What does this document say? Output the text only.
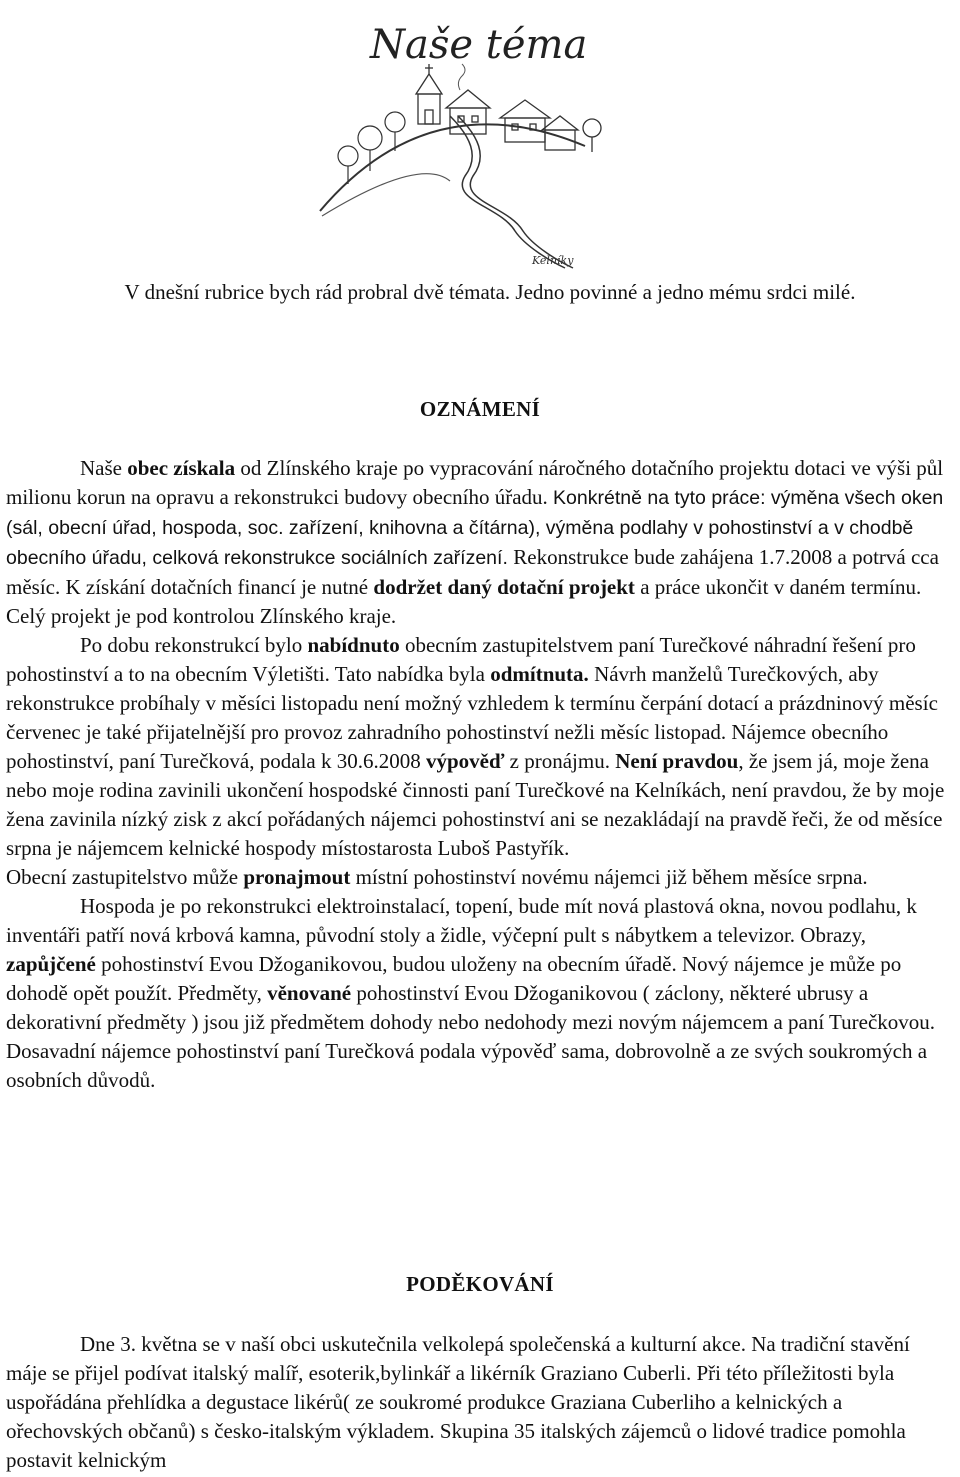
Naše téma
Kelníky
V dnešní rubrice bych rád probral dvě témata. Jedno povinné a jedno mému srdci milé.
OZNÁMENÍ

Naše obec získala od Zlínského kraje po vypracování náročného dotačního projektu dotaci ve výši půl milionu korun na opravu a rekonstrukci budovy obecního úřadu. Konkrétně na tyto práce: výměna všech oken (sál, obecní úřad, hospoda, soc. zařízení, knihovna a čítárna), výměna podlahy v pohostinství a v chodbě obecního úřadu, celková rekonstrukce sociálních zařízení. Rekonstrukce bude zahájena 1.7.2008 a potrvá cca měsíc. K získání dotačních financí je nutné dodržet daný dotační projekt a práce ukončit v daném termínu. Celý projekt je pod kontrolou Zlínského kraje.

Po dobu rekonstrukcí bylo nabídnuto obecním zastupitelstvem paní Turečkové náhradní řešení pro pohostinství a to na obecním Výletišti. Tato nabídka byla odmítnuta. Návrh manželů Turečkových, aby rekonstrukce probíhaly v měsíci listopadu není možný vzhledem k termínu čerpání dotací a prázdninový měsíc červenec je také přijatelnější pro provoz zahradního pohostinství nežli měsíc listopad. Nájemce obecního pohostinství, paní Turečková, podala k 30.6.2008 výpověď z pronájmu. Není pravdou, že jsem já, moje žena nebo moje rodina zavinili ukončení hospodské činnosti paní Turečkové na Kelníkách, není pravdou, že by moje žena zavinila nízký zisk z akcí pořádaných nájemci pohostinství ani se nezakládají na pravdě řeči, že od měsíce srpna je nájemcem kelnické hospody místostarosta Luboš Pastyřík.

Obecní zastupitelstvo může pronajmout místní pohostinství novému nájemci již během měsíce srpna.

Hospoda je po rekonstrukci elektroinstalací, topení, bude mít nová plastová okna, novou podlahu, k inventáři patří nová krbová kamna, původní stoly a židle, výčepní pult s nábytkem a televizor. Obrazy, zapůjčené pohostinství Evou Džoganikovou, budou uloženy na obecním úřadě. Nový nájemce je může po dohodě opět použít. Předměty, věnované pohostinství Evou Džoganikovou ( záclony, některé ubrusy a dekorativní předměty ) jsou již předmětem dohody nebo nedohody mezi novým nájemcem a paní Turečkovou.

Dosavadní nájemce pohostinství paní Turečková podala výpověď sama, dobrovolně a ze svých soukromých a osobních důvodů.

PODĚKOVÁNÍ

Dne 3. května se v naší obci uskutečnila velkolepá společenská a kulturní akce. Na tradiční stavění máje se přijel podívat italský malíř, esoterik,bylinkář a likérník Graziano Cuberli. Při této příležitosti byla uspořádána přehlídka a degustace likérů( ze soukromé produkce Graziana Cuberliho a kelnických a ořechovských občanů) s česko-italským výkladem. Skupina 35 italských zájemců o lidové tradice pomohla postavit kelnickým
